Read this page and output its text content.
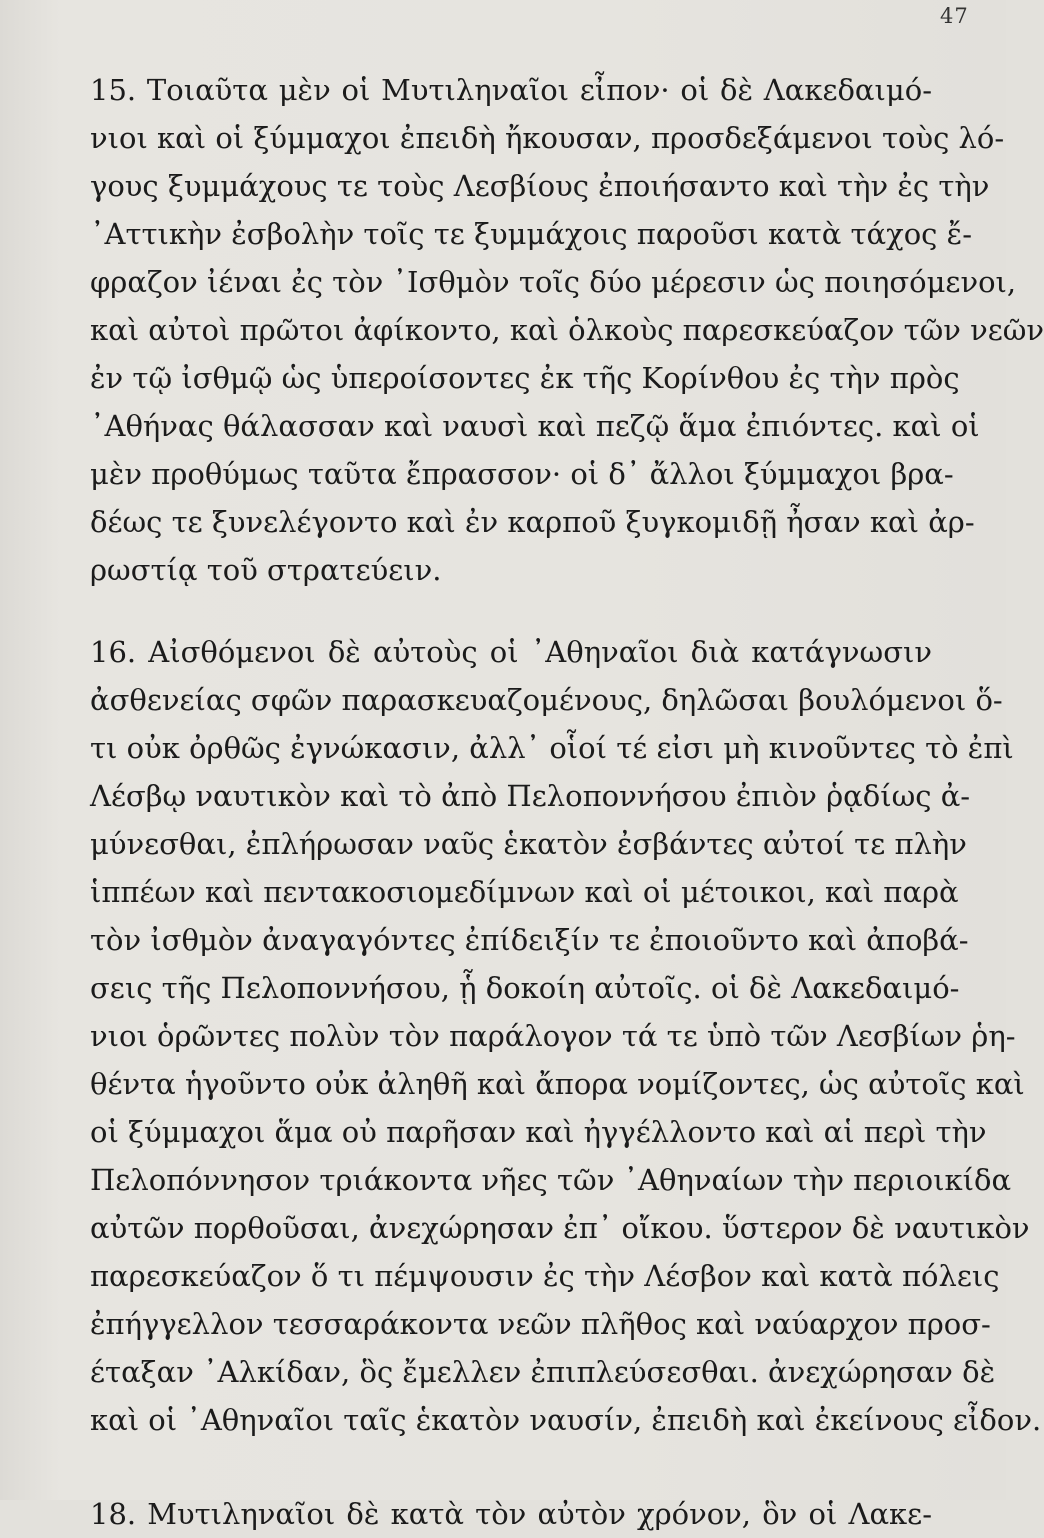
47
15. Τοιαῦτα μὲν οἱ Μυτιληναῖοι εἶπον· οἱ δὲ Λακεδαιμό-
νιοι καὶ οἱ ξύμμαχοι ἐπειδὴ ἤκουσαν, προσδεξάμενοι τοὺς λό-
γους ξυμμάχους τε τοὺς Λεσβίους ἐποιήσαντο καὶ τὴν ἐς τὴν
᾿Αττικὴν ἐσβολὴν τοῖς τε ξυμμάχοις παροῦσι κατὰ τάχος ἔ-
φραζον ἰέναι ἐς τὸν ᾿Ισθμὸν τοῖς δύο μέρεσιν ὡς ποιησόμενοι,
καὶ αὐτοὶ πρῶτοι ἀφίκοντο, καὶ ὁλκοὺς παρεσκεύαζον τῶν νεῶν
ἐν τῷ ἰσθμῷ ὡς ὑπεροίσοντες ἐκ τῆς Κορίνθου ἐς τὴν πρὸς
᾿Αθήνας θάλασσαν καὶ ναυσὶ καὶ πεζῷ ἅμα ἐπιόντες. καὶ οἱ
μὲν προθύμως ταῦτα ἔπρασσον· οἱ δ᾿ ἄλλοι ξύμμαχοι βρα-
δέως τε ξυνελέγοντο καὶ ἐν καρποῦ ξυγκομιδῇ ἦσαν καὶ ἀρ-
ρωστίᾳ τοῦ στρατεύειν.
16. Αἰσθόμενοι δὲ αὐτοὺς οἱ ᾿Αθηναῖοι διὰ κατάγνωσιν
ἀσθενείας σφῶν παρασκευαζομένους, δηλῶσαι βουλόμενοι ὅ-
τι οὐκ ὀρθῶς ἐγνώκασιν, ἀλλ᾿ οἷοί τέ εἰσι μὴ κινοῦντες τὸ ἐπὶ
Λέσβῳ ναυτικὸν καὶ τὸ ἀπὸ Πελοποννήσου ἐπιὸν ῥᾳδίως ἀ-
μύνεσθαι, ἐπλήρωσαν ναῦς ἑκατὸν ἐσβάντες αὐτοί τε πλὴν
ἱππέων καὶ πεντακοσιομεδίμνων καὶ οἱ μέτοικοι, καὶ παρὰ
τὸν ἰσθμὸν ἀναγαγόντες ἐπίδειξίν τε ἐποιοῦντο καὶ ἀποβά-
σεις τῆς Πελοποννήσου, ᾗ δοκοίη αὐτοῖς. οἱ δὲ Λακεδαιμό-
νιοι ὁρῶντες πολὺν τὸν παράλογον τά τε ὑπὸ τῶν Λεσβίων ῥη-
θέντα ἡγοῦντο οὐκ ἀληθῆ καὶ ἄπορα νομίζοντες, ὡς αὐτοῖς καὶ
οἱ ξύμμαχοι ἅμα οὐ παρῆσαν καὶ ἠγγέλλοντο καὶ αἱ περὶ τὴν
Πελοπόννησον τριάκοντα νῆες τῶν ᾿Αθηναίων τὴν περιοικίδα
αὐτῶν πορθοῦσαι, ἀνεχώρησαν ἐπ᾿ οἴκου. ὕστερον δὲ ναυτικὸν
παρεσκεύαζον ὅ τι πέμψουσιν ἐς τὴν Λέσβον καὶ κατὰ πόλεις
ἐπήγγελλον τεσσαράκοντα νεῶν πλῆθος καὶ ναύαρχον προσ-
έταξαν ᾿Αλκίδαν, ὃς ἔμελλεν ἐπιπλεύσεσθαι. ἀνεχώρησαν δὲ
καὶ οἱ ᾿Αθηναῖοι ταῖς ἑκατὸν ναυσίν, ἐπειδὴ καὶ ἐκείνους εἶδον.
18. Μυτιληναῖοι δὲ κατὰ τὸν αὐτὸν χρόνον, ὃν οἱ Λακε-
